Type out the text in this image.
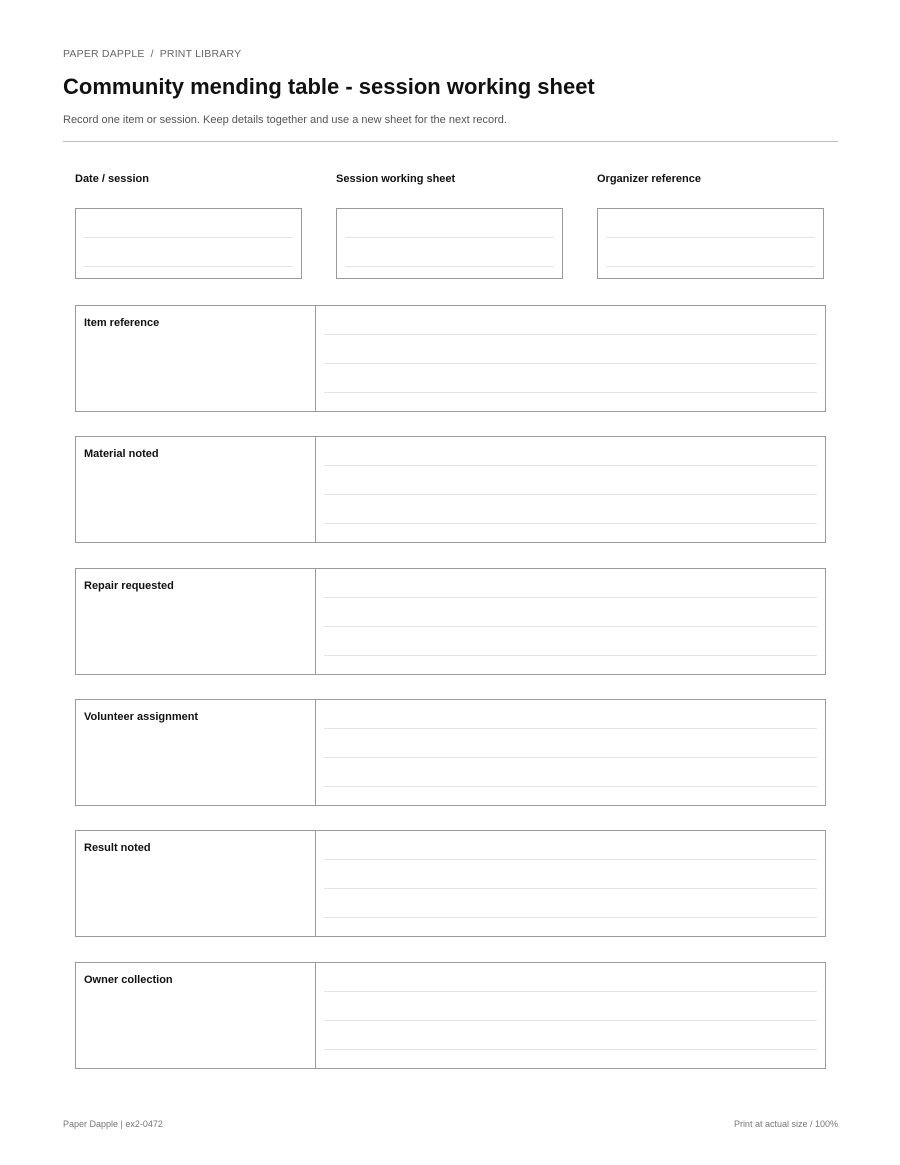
PAPER DAPPLE / PRINT LIBRARY
Community mending table - session working sheet
Record one item or session. Keep details together and use a new sheet for the next record.
Date / session	Session working sheet	Organizer reference
Item reference
Material noted
Repair requested
Volunteer assignment
Result noted
Owner collection
Paper Dapple | ex2-0472	Print at actual size / 100%
